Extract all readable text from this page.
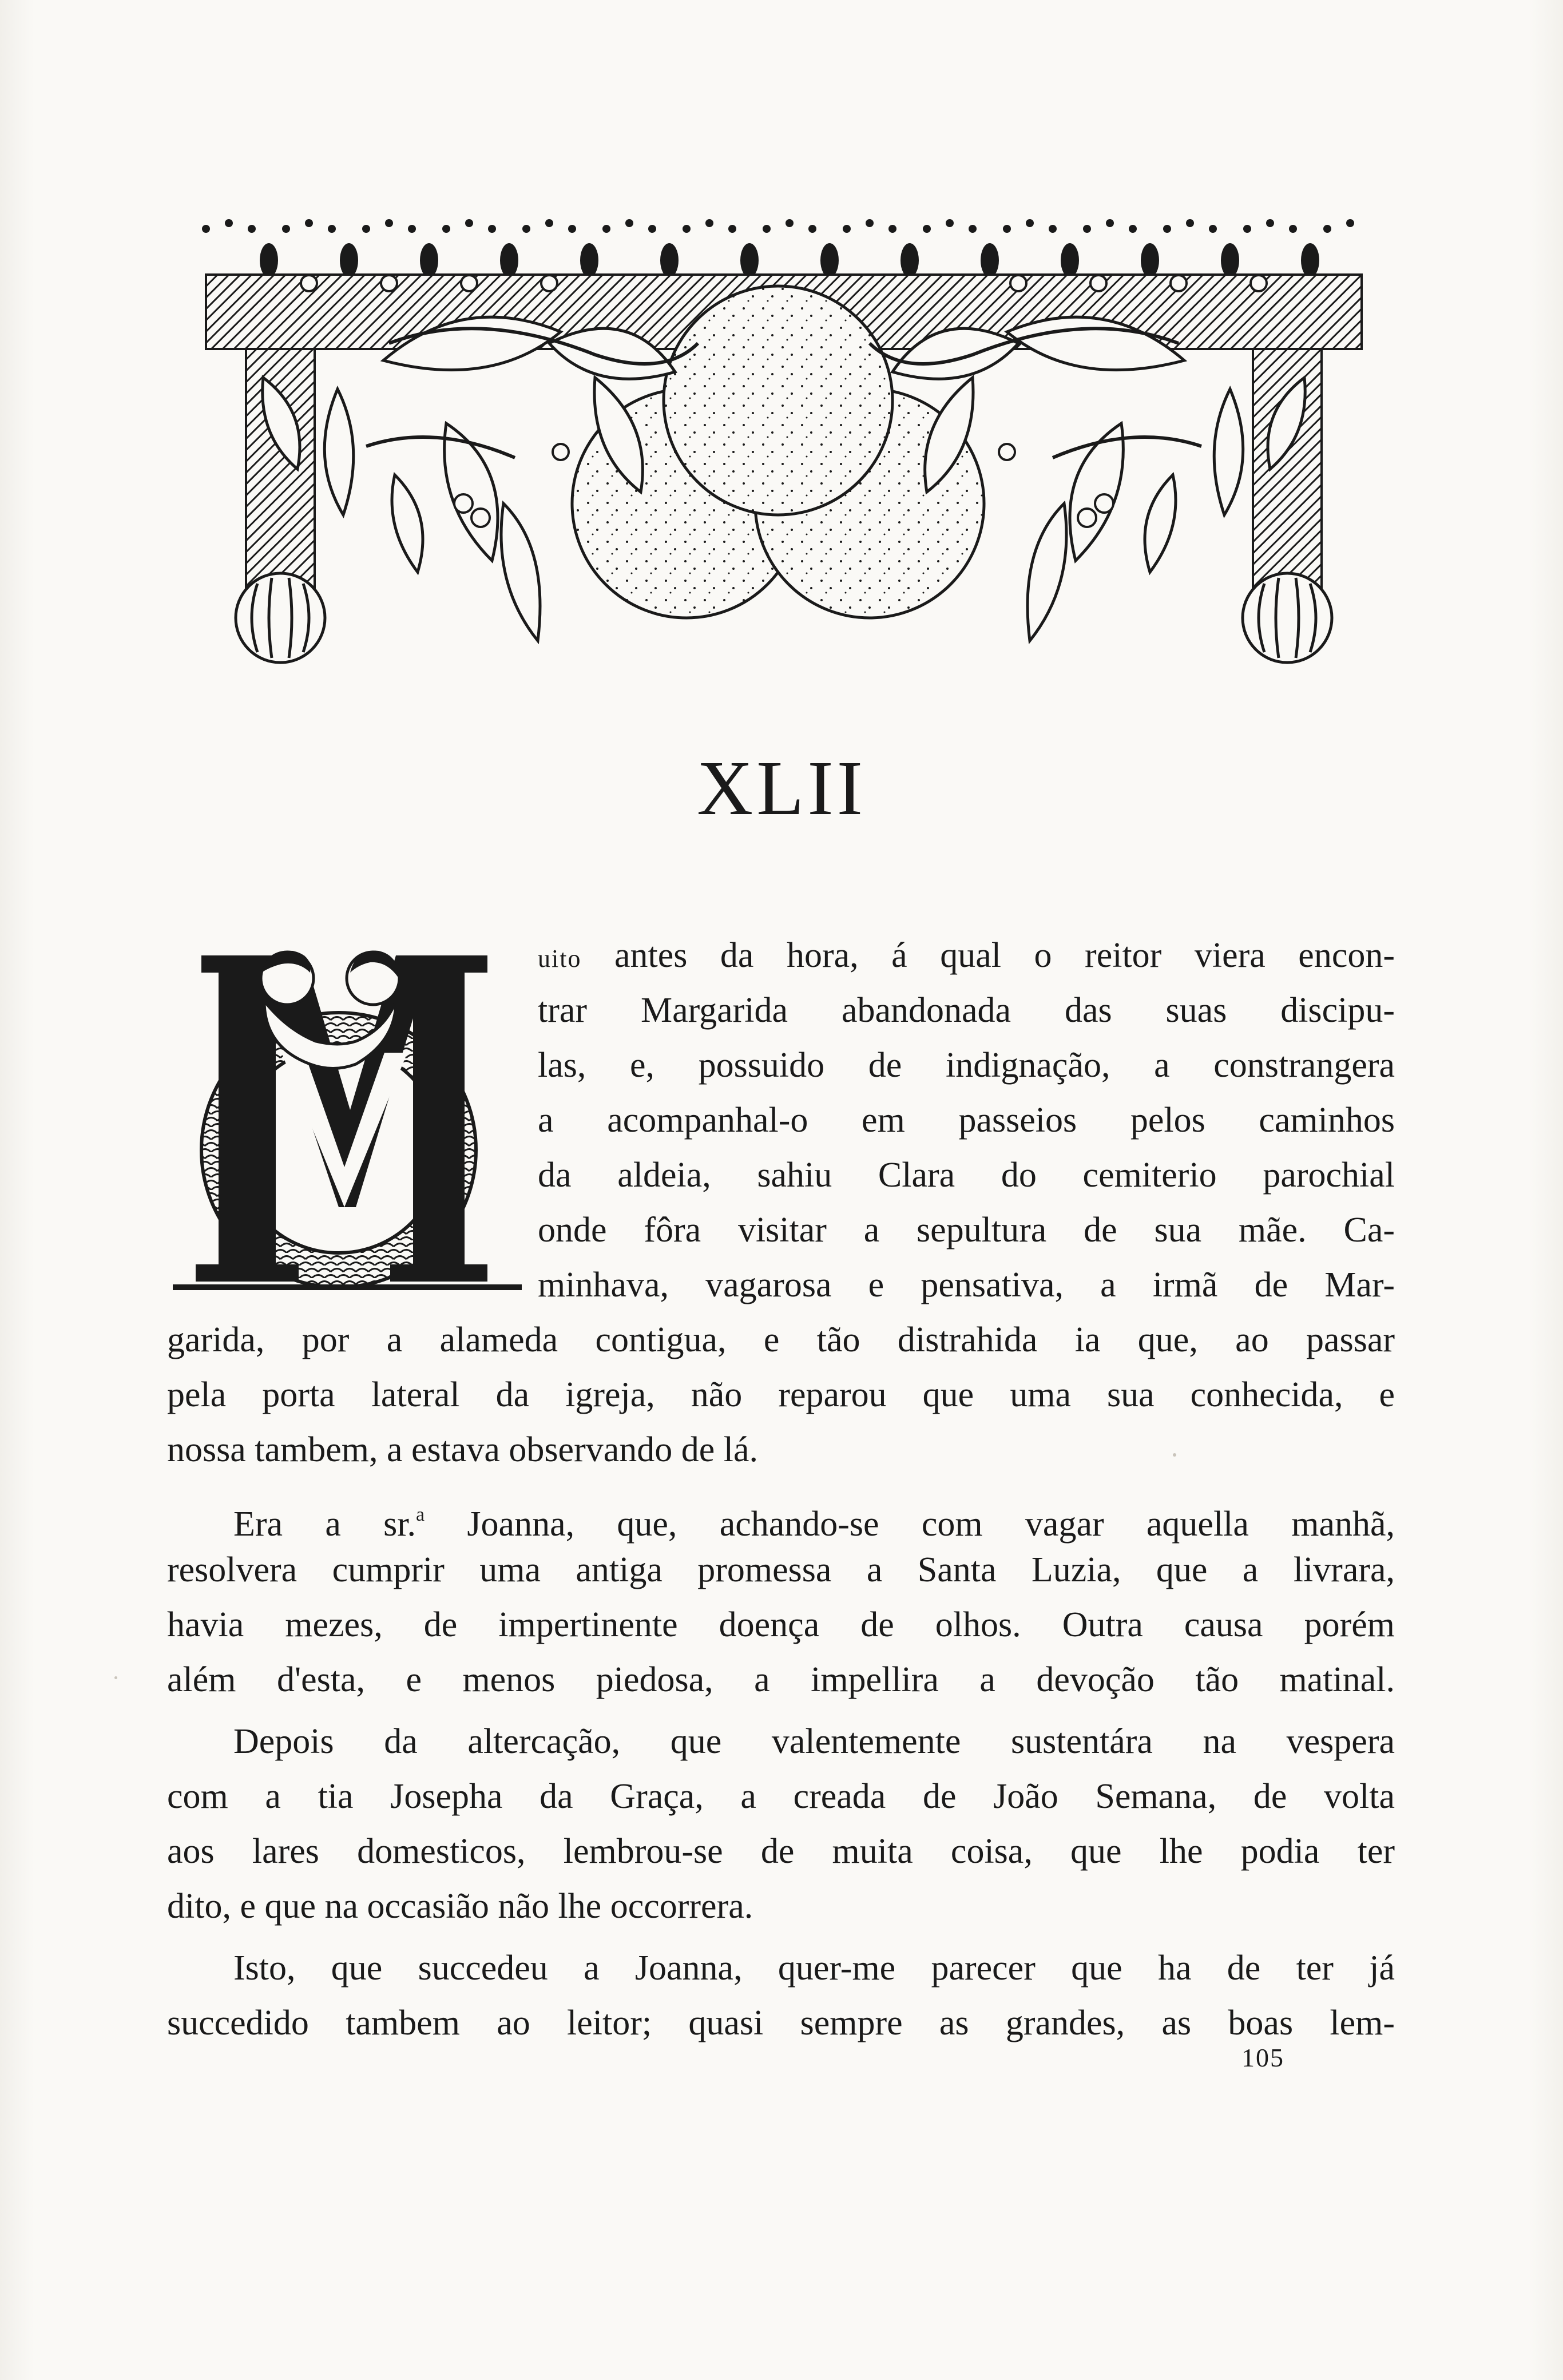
XLII
uito antes da hora, á qual o reitor viera encon-
trar Margarida abandonada das suas discipu-
las, e, possuido de indignação, a constrangera
a acompanhal-o em passeios pelos caminhos
da aldeia, sahiu Clara do cemiterio parochial
onde fôra visitar a sepultura de sua mãe. Ca-
minhava, vagarosa e pensativa, a irmã de Mar-
garida, por a alameda contigua, e tão distrahida ia que, ao passar
pela porta lateral da igreja, não reparou que uma sua conhecida, e
nossa tambem, a estava observando de lá.
Era a sr.$^a$ Joanna, que, achando-se com vagar aquella manhã,
resolvera cumprir uma antiga promessa a Santa Luzia, que a livrara,
havia mezes, de impertinente doença de olhos. Outra causa porém
além d'esta, e menos piedosa, a impellira a devoção tão matinal.
Depois da altercação, que valentemente sustentára na vespera
com a tia Josepha da Graça, a creada de João Semana, de volta
aos lares domesticos, lembrou-se de muita coisa, que lhe podia ter
dito, e que na occasião não lhe occorrera.
Isto, que succedeu a Joanna, quer-me parecer que ha de ter já
succedido tambem ao leitor; quasi sempre as grandes, as boas lem-
105
